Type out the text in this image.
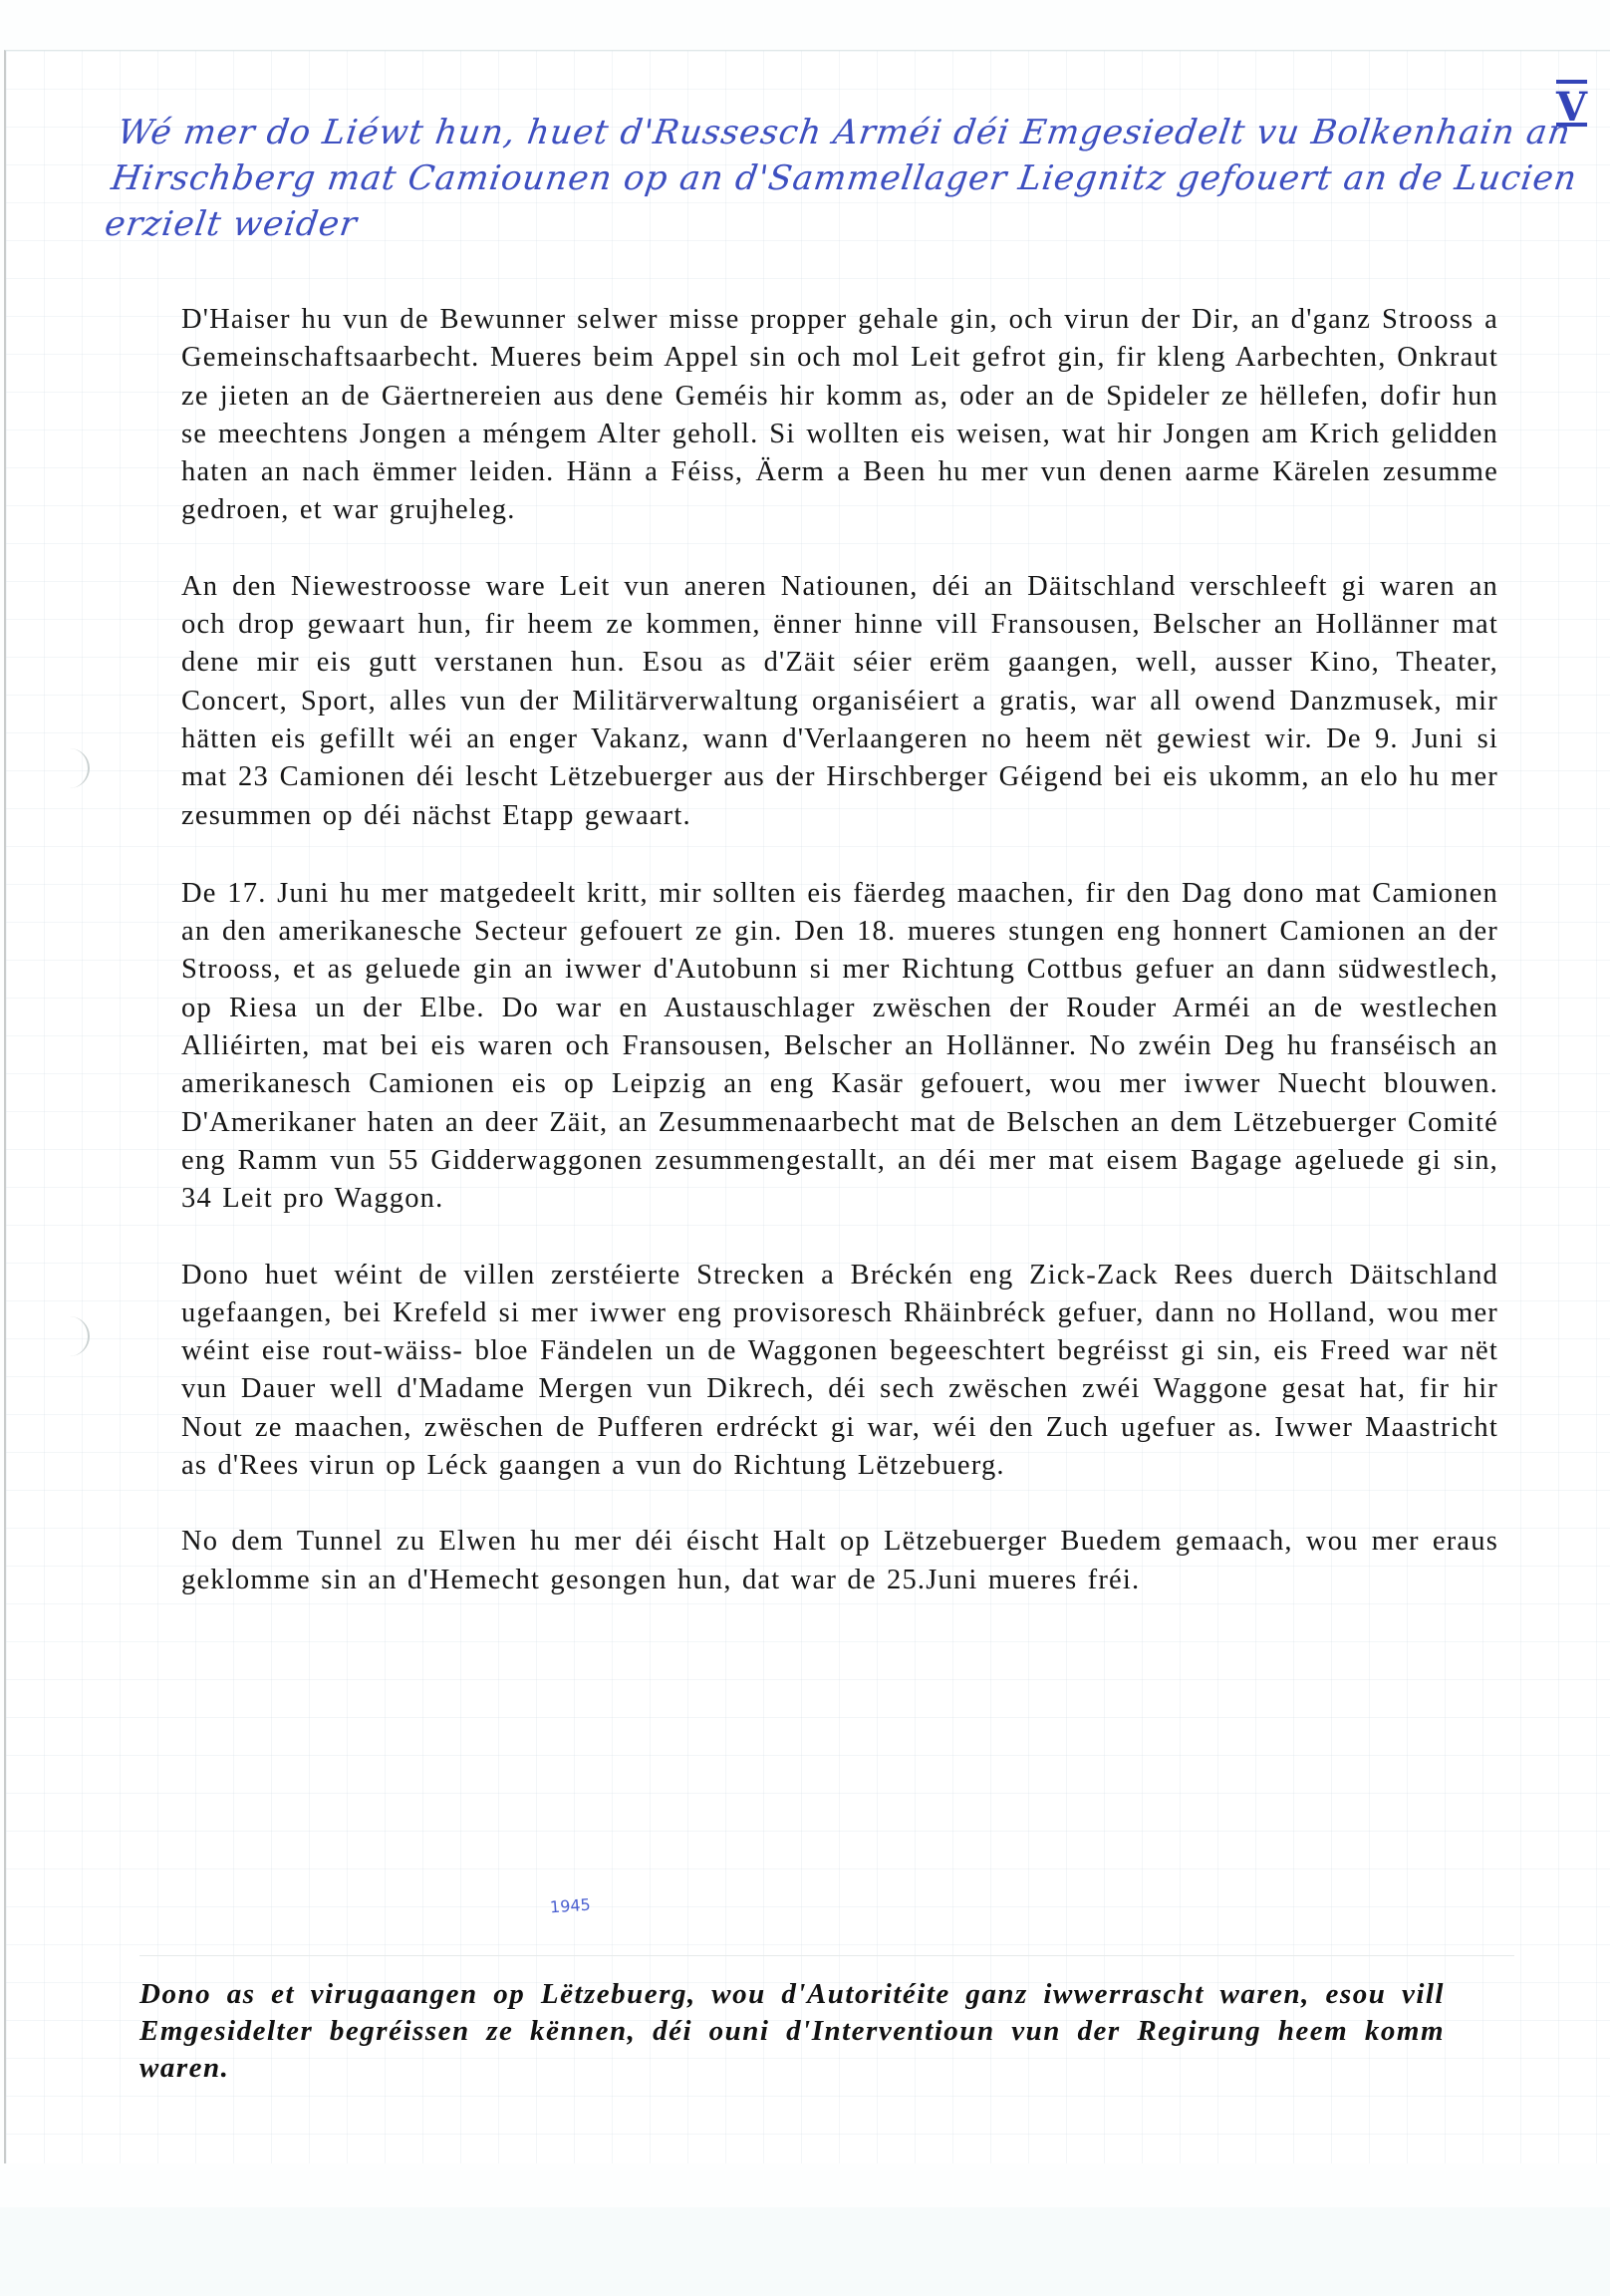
V
Wé mer do Liéwt hun, huet d'Russesch Arméi déi Emgesiedelt vu Bolkenhain an
Hirschberg mat Camiounen op an d'Sammellager Liegnitz gefouert an de Lucien
erzielt weider

D'Haiser hu vun de Bewunner selwer misse propper gehale gin, och virun der Dir, an d'ganz Strooss a Gemeinschaftsaarbecht. Mueres beim Appel sin och mol Leit gefrot gin, fir kleng Aarbechten, Onkraut ze jieten an de Gäertnereien aus dene Geméis hir komm as, oder an de Spideler ze hëllefen, dofir hun se meechtens Jongen a méngem Alter geholl. Si wollten eis weisen, wat hir Jongen am Krich gelidden haten an nach ëmmer leiden. Hänn a Féiss, Äerm a Been hu mer vun denen aarme Kärelen zesumme gedroen, et war grujheleg.

An den Niewestroosse ware Leit vun aneren Natiounen, déi an Däitschland verschleeft gi waren an och drop gewaart hun, fir heem ze kommen, ënner hinne vill Fransousen, Belscher an Hollänner mat dene mir eis gutt verstanen hun. Esou as d'Zäit séier erëm gaangen, well, ausser Kino, Theater, Concert, Sport, alles vun der Militärverwaltung organiséiert a gratis, war all owend Danzmusek, mir hätten eis gefillt wéi an enger Vakanz, wann d'Verlaangeren no heem nët gewiest wir. De 9. Juni si mat 23 Camionen déi lescht Lëtzebuerger aus der Hirschberger Géigend bei eis ukomm, an elo hu mer zesummen op déi nächst Etapp gewaart.

De 17. Juni hu mer matgedeelt kritt, mir sollten eis fäerdeg maachen, fir den Dag dono mat Camionen an den amerikanesche Secteur gefouert ze gin. Den 18. mueres stungen eng honnert Camionen an der Strooss, et as geluede gin an iwwer d'Autobunn si mer Richtung Cottbus gefuer an dann südwestlech, op Riesa un der Elbe. Do war en Austauschlager zwëschen der Rouder Arméi an de westlechen Alliéirten, mat bei eis waren och Fransousen, Belscher an Hollänner. No zwéin Deg hu franséisch an amerikanesch Camionen eis op Leipzig an eng Kasär gefouert, wou mer iwwer Nuecht blouwen. D'Amerikaner haten an deer Zäit, an Zesummenaarbecht mat de Belschen an dem Lëtzebuerger Comité eng Ramm vun 55 Gidderwaggonen zesummengestallt, an déi mer mat eisem Bagage ageluede gi sin, 34 Leit pro Waggon.

Dono huet wéint de villen zerstéierte Strecken a Bréckén eng Zick-Zack Rees duerch Däitschland ugefaangen, bei Krefeld si mer iwwer eng provisoresch Rhäinbréck gefuer, dann no Holland, wou mer wéint eise rout-wäiss- bloe Fändelen un de Waggonen begeeschtert begréisst gi sin, eis Freed war nët vun Dauer well d'Madame Mergen vun Dikrech, déi sech zwëschen zwéi Waggone gesat hat, fir hir Nout ze maachen, zwëschen de Pufferen erdréckt gi war, wéi den Zuch ugefuer as. Iwwer Maastricht as d'Rees virun op Léck gaangen a vun do Richtung Lëtzebuerg.

No dem Tunnel zu Elwen hu mer déi éischt Halt op Lëtzebuerger Buedem gemaach, wou mer eraus geklomme sin an d'Hemecht gesongen hun, dat war de 25.Juni mueres fréi.

1945
Dono as et virugaangen op Lëtzebuerg, wou d'Autoritéite ganz iwwerrascht waren, esou vill Emgesidelter begréissen ze kënnen, déi ouni d'Interventioun vun der Regirung heem komm waren.
